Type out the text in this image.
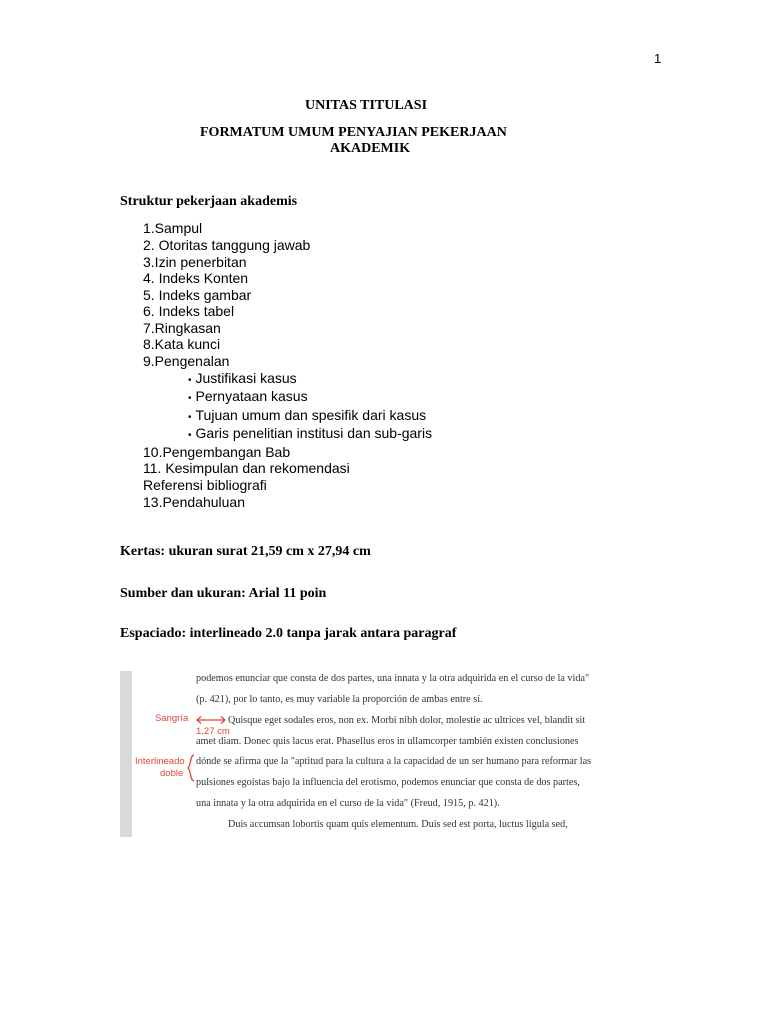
1
UNITAS TITULASI
FORMATUM UMUM PENYAJIAN PEKERJAAN
AKADEMIK
Struktur pekerjaan akademis
1.Sampul
2. Otoritas tanggung jawab
3.Izin penerbitan
4. Indeks Konten
5. Indeks gambar
6. Indeks tabel
7.Ringkasan
8.Kata kunci
9.Pengenalan
• Justifikasi kasus
• Pernyataan kasus
• Tujuan umum dan spesifik dari kasus
• Garis penelitian institusi dan sub-garis
10.Pengembangan Bab
11. Kesimpulan dan rekomendasi
Referensi bibliografi
13.Pendahuluan
Kertas: ukuran surat 21,59 cm x 27,94 cm
Sumber dan ukuran: Arial 11 poin
Espaciado: interlineado 2.0 tanpa jarak antara paragraf
podemos enunciar que consta de dos partes, una innata y la otra adquirida en el curso de la vida"
(p. 421), por lo tanto, es muy variable la proporción de ambas entre sí.
Quisque eget sodales eros, non ex. Morbi nibh dolor, molestie ac ultrices vel, blandit sit
amet diam. Donec quis lacus erat. Phasellus eros in ullamcorper también existen conclusiones
dónde se afirma que la "aptitud para la cultura a la capacidad de un ser humano para reformar las
pulsiones egoístas bajo la influencia del erotismo, podemos enunciar que consta de dos partes,
una innata y la otra adquirida en el curso de la vida" (Freud, 1915, p. 421).
Duis accumsan lobortis quam quis elementum. Duis sed est porta, luctus ligula sed,
Sangría
1,27 cm
Interlineado
doble
